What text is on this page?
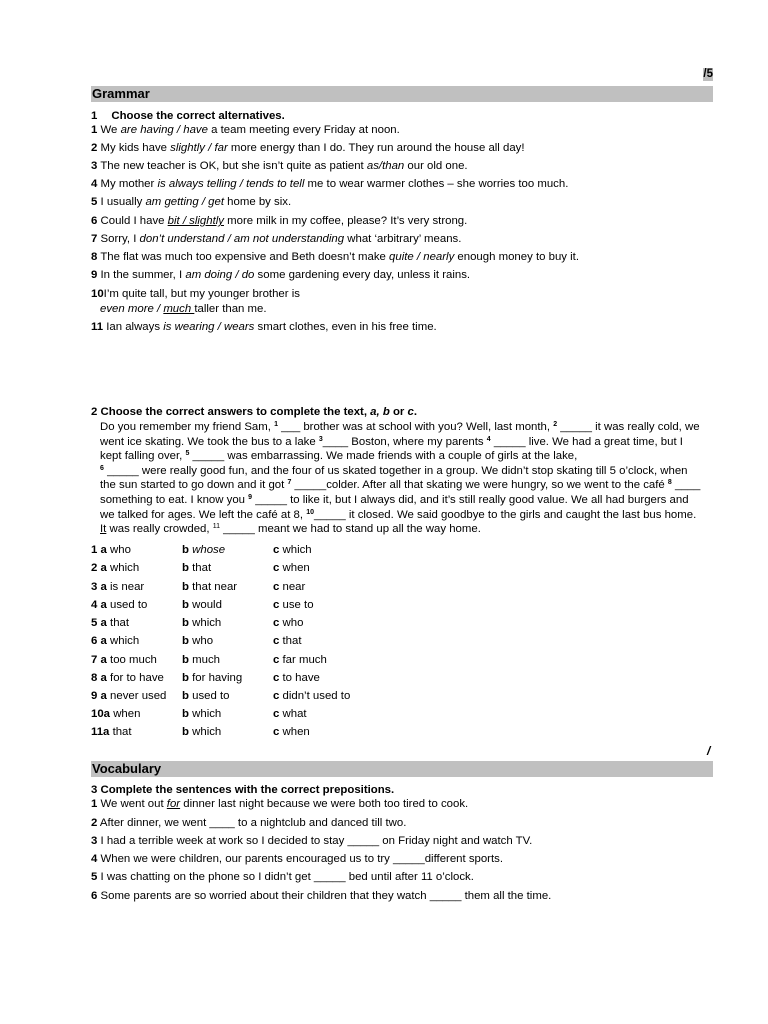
/5
Grammar
1 Choose the correct alternatives.
1 We are having / have a team meeting every Friday at noon.
2 My kids have slightly / far more energy than I do. They run around the house all day!
3 The new teacher is OK, but she isn’t quite as patient as/than our old one.
4 My mother is always telling / tends to tell me to wear warmer clothes – she worries too much.
5 I usually am getting / get home by six.
6 Could I have bit / slightly more milk in my coffee, please? It’s very strong.
7 Sorry, I don’t understand / am not understanding what ‘arbitrary’ means.
8 The flat was much too expensive and Beth doesn’t make quite / nearly enough money to buy it.
9 In the summer, I am doing / do some gardening every day, unless it rains.
10I’m quite tall, but my younger brother is
even more / much taller than me.
11 Ian always is wearing / wears smart clothes, even in his free time.
2 Choose the correct answers to complete the text, a, b or c.
Do you remember my friend Sam, $^1$ ___ brother was at school with you? Well, last month, $^2$ _____ it was really cold, we
went ice skating. We took the bus to a lake $^3$____ Boston, where my parents $^4$ _____ live. We had a great time, but I
kept falling over, $^5$ _____ was embarrassing. We made friends with a couple of girls at the lake,
$^6$ _____ were really good fun, and the four of us skated together in a group. We didn’t stop skating till 5 o’clock, when
the sun started to go down and it got $^7$ _____colder. After all that skating we were hungry, so we went to the café $^8$ ____
something to eat. I know you $^9$ _____ to like it, but I always did, and it’s still really good value. We all had burgers and
we talked for ages. We left the café at 8, $^{10}$_____ it closed. We said goodbye to the girls and caught the last bus home.
It was really crowded, $^{11}$ _____ meant we had to stand up all the way home.
1 a who	b whose	c which
2 a which	b that	c when
3 a is near	b that near	c near
4 a used to	b would	c use to
5 a that	b which	c who
6 a which	b who	c that
7 a too much b much	c far much
8 a for to have b for having	c to have
9 a never used b used to	c didn’t used to
10a when	b which	c what
11a that	b which	c when
/
Vocabulary
3 Complete the sentences with the correct prepositions.
1 We went out for dinner last night because we were both too tired to cook.
2 After dinner, we went ____ to a nightclub and danced till two.
3 I had a terrible week at work so I decided to stay _____ on Friday night and watch TV.
4 When we were children, our parents encouraged us to try _____different sports.
5 I was chatting on the phone so I didn’t get _____ bed until after 11 o’clock.
6 Some parents are so worried about their children that they watch _____ them all the time.
